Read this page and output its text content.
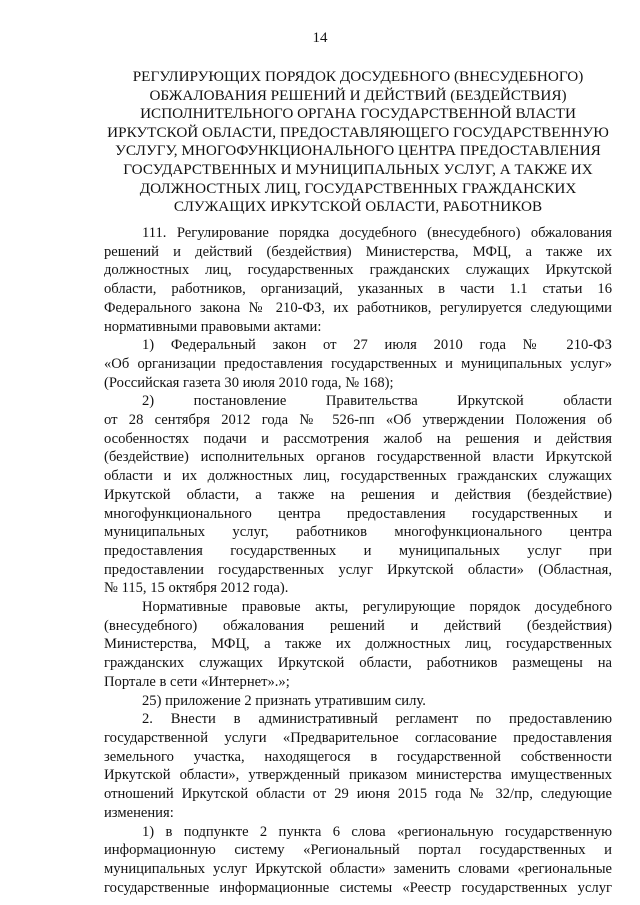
14
РЕГУЛИРУЮЩИХ ПОРЯДОК ДОСУДЕБНОГО (ВНЕСУДЕБНОГО)
ОБЖАЛОВАНИЯ РЕШЕНИЙ И ДЕЙСТВИЙ (БЕЗДЕЙСТВИЯ)
ИСПОЛНИТЕЛЬНОГО ОРГАНА ГОСУДАРСТВЕННОЙ ВЛАСТИ
ИРКУТСКОЙ ОБЛАСТИ, ПРЕДОСТАВЛЯЮЩЕГО ГОСУДАРСТВЕННУЮ
УСЛУГУ, МНОГОФУНКЦИОНАЛЬНОГО ЦЕНТРА ПРЕДОСТАВЛЕНИЯ
ГОСУДАРСТВЕННЫХ И МУНИЦИПАЛЬНЫХ УСЛУГ, А ТАКЖЕ ИХ
ДОЛЖНОСТНЫХ ЛИЦ, ГОСУДАРСТВЕННЫХ ГРАЖДАНСКИХ
СЛУЖАЩИХ ИРКУТСКОЙ ОБЛАСТИ, РАБОТНИКОВ
111. Регулирование порядка досудебного (внесудебного) обжалования
решений и действий (бездействия) Министерства, МФЦ, а также их
должностных лиц, государственных гражданских служащих Иркутской
области, работников, организаций, указанных в части 1.1 статьи 16
Федерального закона № 210-ФЗ, их работников, регулируется следующими
нормативными правовыми актами:
1) Федеральный закон от 27 июля 2010 года № 210-ФЗ
«Об организации предоставления государственных и муниципальных услуг»
(Российская газета 30 июля 2010 года, № 168);
2) постановление Правительства Иркутской области
от 28 сентября 2012 года № 526-пп «Об утверждении Положения об
особенностях подачи и рассмотрения жалоб на решения и действия
(бездействие) исполнительных органов государственной власти Иркутской
области и их должностных лиц, государственных гражданских служащих
Иркутской области, а также на решения и действия (бездействие)
многофункционального центра предоставления государственных и
муниципальных услуг, работников многофункционального центра
предоставления государственных и муниципальных услуг при
предоставлении государственных услуг Иркутской области» (Областная,
№ 115, 15 октября 2012 года).
Нормативные правовые акты, регулирующие порядок досудебного
(внесудебного) обжалования решений и действий (бездействия)
Министерства, МФЦ, а также их должностных лиц, государственных
гражданских служащих Иркутской области, работников размещены на
Портале в сети «Интернет».»;
25) приложение 2 признать утратившим силу.
2. Внести в административный регламент по предоставлению
государственной услуги «Предварительное согласование предоставления
земельного участка, находящегося в государственной собственности
Иркутской области», утвержденный приказом министерства имущественных
отношений Иркутской области от 29 июня 2015 года № 32/пр, следующие
изменения:
1) в подпункте 2 пункта 6 слова «региональную государственную
информационную систему «Региональный портал государственных и
муниципальных услуг Иркутской области» заменить словами «региональные
государственные информационные системы «Реестр государственных услуг
